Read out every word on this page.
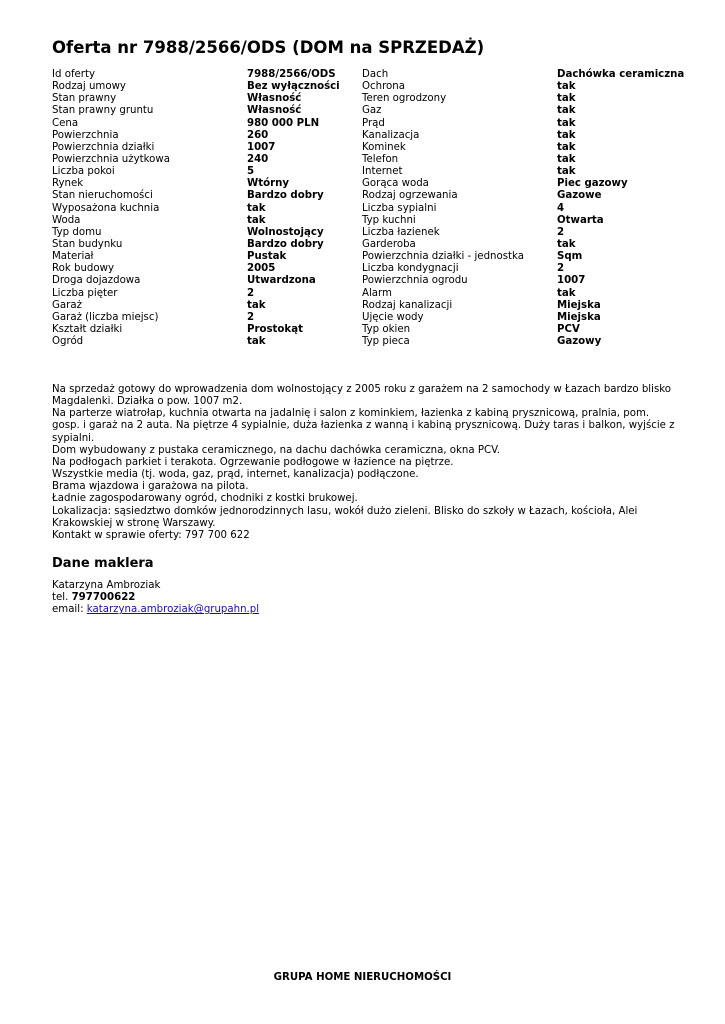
Oferta nr 7988/2566/ODS (DOM na SPRZEDAŻ)
Id oferty
Rodzaj umowy
Stan prawny
Stan prawny gruntu
Cena
Powierzchnia
Powierzchnia działki
Powierzchnia użytkowa
Liczba pokoi
Rynek
Stan nieruchomości
Wyposażona kuchnia
Woda
Typ domu
Stan budynku
Materiał
Rok budowy
Droga dojazdowa
Liczba pięter
Garaż
Garaż (liczba miejsc)
Kształt działki
Ogród
7988/2566/ODS
Bez wyłączności
Własność
Własność
980 000 PLN
260
1007
240
5
Wtórny
Bardzo dobry
tak
tak
Wolnostojący
Bardzo dobry
Pustak
2005
Utwardzona
2
tak
2
Prostokąt
tak
Dach
Ochrona
Teren ogrodzony
Gaz
Prąd
Kanalizacja
Kominek
Telefon
Internet
Gorąca woda
Rodzaj ogrzewania
Liczba sypialni
Typ kuchni
Liczba łazienek
Garderoba
Powierzchnia działki - jednostka
Liczba kondygnacji
Powierzchnia ogrodu
Alarm
Rodzaj kanalizacji
Ujęcie wody
Typ okien
Typ pieca
Dachówka ceramiczna
tak
tak
tak
tak
tak
tak
tak
tak
Piec gazowy
Gazowe
4
Otwarta
2
tak
Sqm
2
1007
tak
Miejska
Miejska
PCV
Gazowy

Na sprzedaż gotowy do wprowadzenia dom wolnostojący z 2005 roku z garażem na 2 samochody w Łazach bardzo blisko Magdalenki. Działka o pow. 1007 m2.

Na parterze wiatrołap, kuchnia otwarta na jadalnię i salon z kominkiem, łazienka z kabiną prysznicową, pralnia, pom. gosp. i garaż na 2 auta. Na piętrze 4 sypialnie, duża łazienka z wanną i kabiną prysznicową. Duży taras i balkon, wyjście z sypialni.

Dom wybudowany z pustaka ceramicznego, na dachu dachówka ceramiczna, okna PCV.

Na podłogach parkiet i terakota. Ogrzewanie podłogowe w łazience na piętrze.

Wszystkie media (tj. woda, gaz, prąd, internet, kanalizacja) podłączone.

Brama wjazdowa i garażowa na pilota.

Ładnie zagospodarowany ogród, chodniki z kostki brukowej.

Lokalizacja: sąsiedztwo domków jednorodzinnych lasu, wokół dużo zieleni. Blisko do szkoły w Łazach, kościoła, Alei Krakowskiej w stronę Warszawy.

Kontakt w sprawie oferty: 797 700 622

Dane maklera
Katarzyna Ambroziak
tel. 797700622
email: katarzyna.ambroziak@grupahn.pl
GRUPA HOME NIERUCHOMOŚCI
